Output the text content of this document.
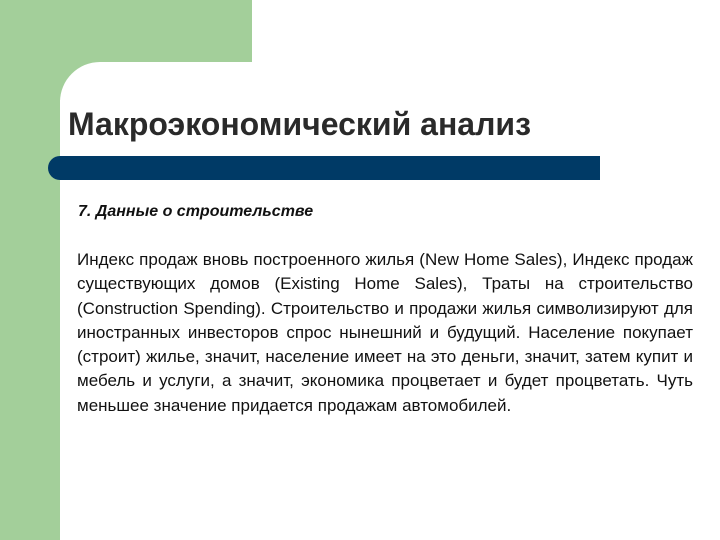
Макроэкономический анализ

7. Данные о строительстве

Индекс продаж вновь построенного жилья (New Home Sales), Индекс продаж существующих домов (Existing Home Sales), Траты на строительство (Construction Spending). Строительство и продажи жилья символизируют для иностранных инвесторов спрос нынешний и будущий. Население покупает (строит) жилье, значит, население имеет на это деньги, значит, затем купит и мебель и услуги, а значит, экономика процветает и будет процветать. Чуть меньшее значение придается продажам автомобилей.
